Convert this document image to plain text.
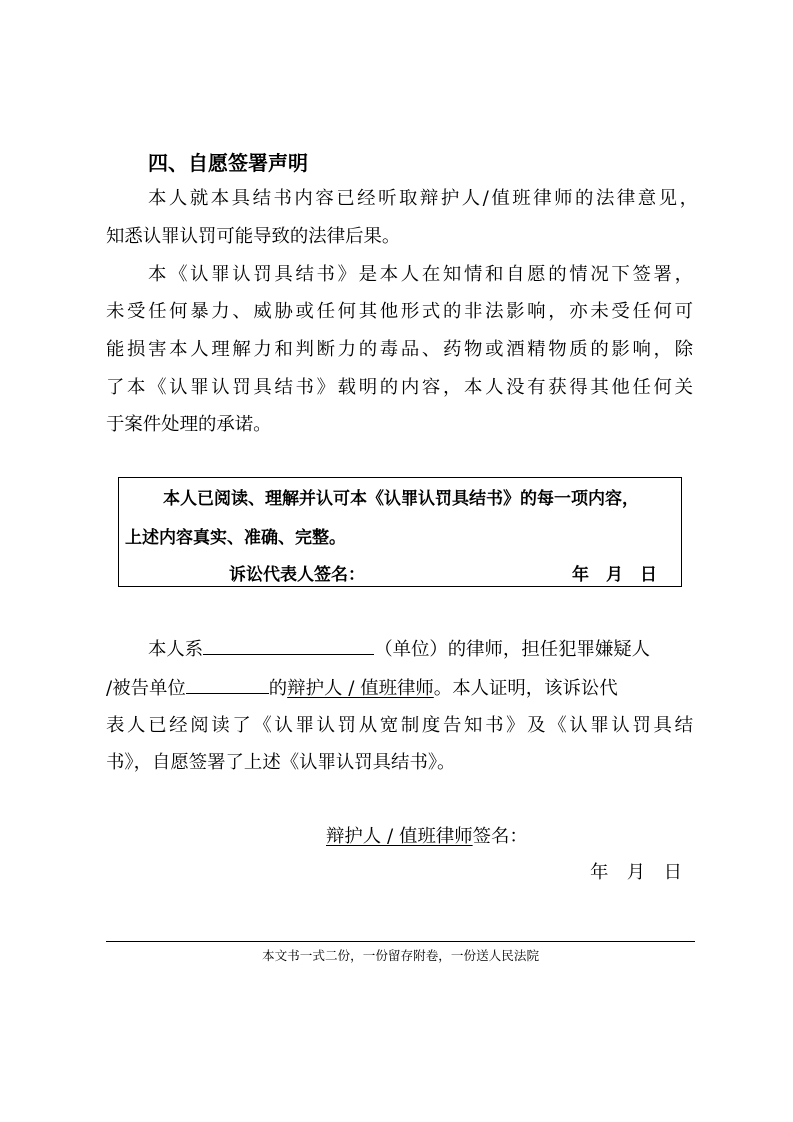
四、自愿签署声明
本人就本具结书内容已经听取辩护人/值班律师的法律意见，
知悉认罪认罚可能导致的法律后果。
本《认罪认罚具结书》是本人在知情和自愿的情况下签署，
未受任何暴力、威胁或任何其他形式的非法影响，亦未受任何可
能损害本人理解力和判断力的毒品、药物或酒精物质的影响，除
了本《认罪认罚具结书》载明的内容，本人没有获得其他任何关
于案件处理的承诺。
本人已阅读、理解并认可本《认罪认罚具结书》的每一项内容，
上述内容真实、准确、完整。
诉讼代表人签名：	年　月　日
本人系	（单位）的律师，担任犯罪嫌疑人
/被告单位	的辩护人 / 值班律师。本人证明，该诉讼代
表人已经阅读了《认罪认罚从宽制度告知书》及《认罪认罚具结
书》，自愿签署了上述《认罪认罚具结书》。
辩护人 / 值班律师签名：
年　月　日
本文书一式二份，一份留存附卷，一份送人民法院
